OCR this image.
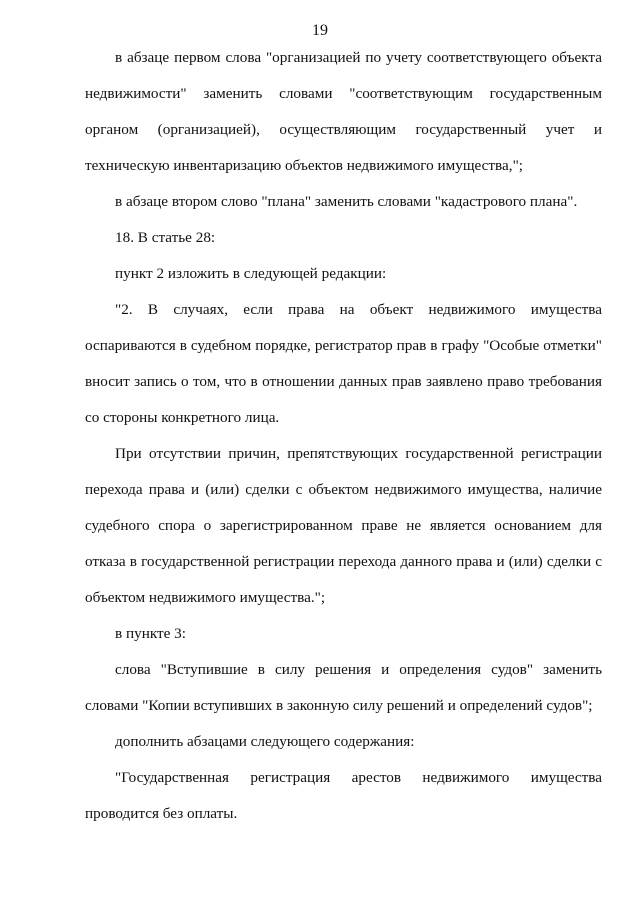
19

в абзаце первом слова "организацией по учету соответствующего объекта недвижимости" заменить словами "соответствующим государственным органом (организацией), осуществляющим государственный учет и техническую инвентаризацию объектов недвижимого имущества,";

в абзаце втором слово "плана" заменить словами "кадастрового плана".

18. В статье 28:

пункт 2 изложить в следующей редакции:

"2. В случаях, если права на объект недвижимого имущества оспариваются в судебном порядке, регистратор прав в графу "Особые отметки" вносит запись о том, что в отношении данных прав заявлено право требования со стороны конкретного лица.

При отсутствии причин, препятствующих государственной регистрации перехода права и (или) сделки с объектом недвижимого имущества, наличие судебного спора о зарегистрированном праве не является основанием для отказа в государственной регистрации перехода данного права и (или) сделки с объектом недвижимого имущества.";

в пункте 3:

слова "Вступившие в силу решения и определения судов" заменить словами "Копии вступивших в законную силу решений и определений судов";

дополнить абзацами следующего содержания:

"Государственная регистрация арестов недвижимого имущества проводится без оплаты.
